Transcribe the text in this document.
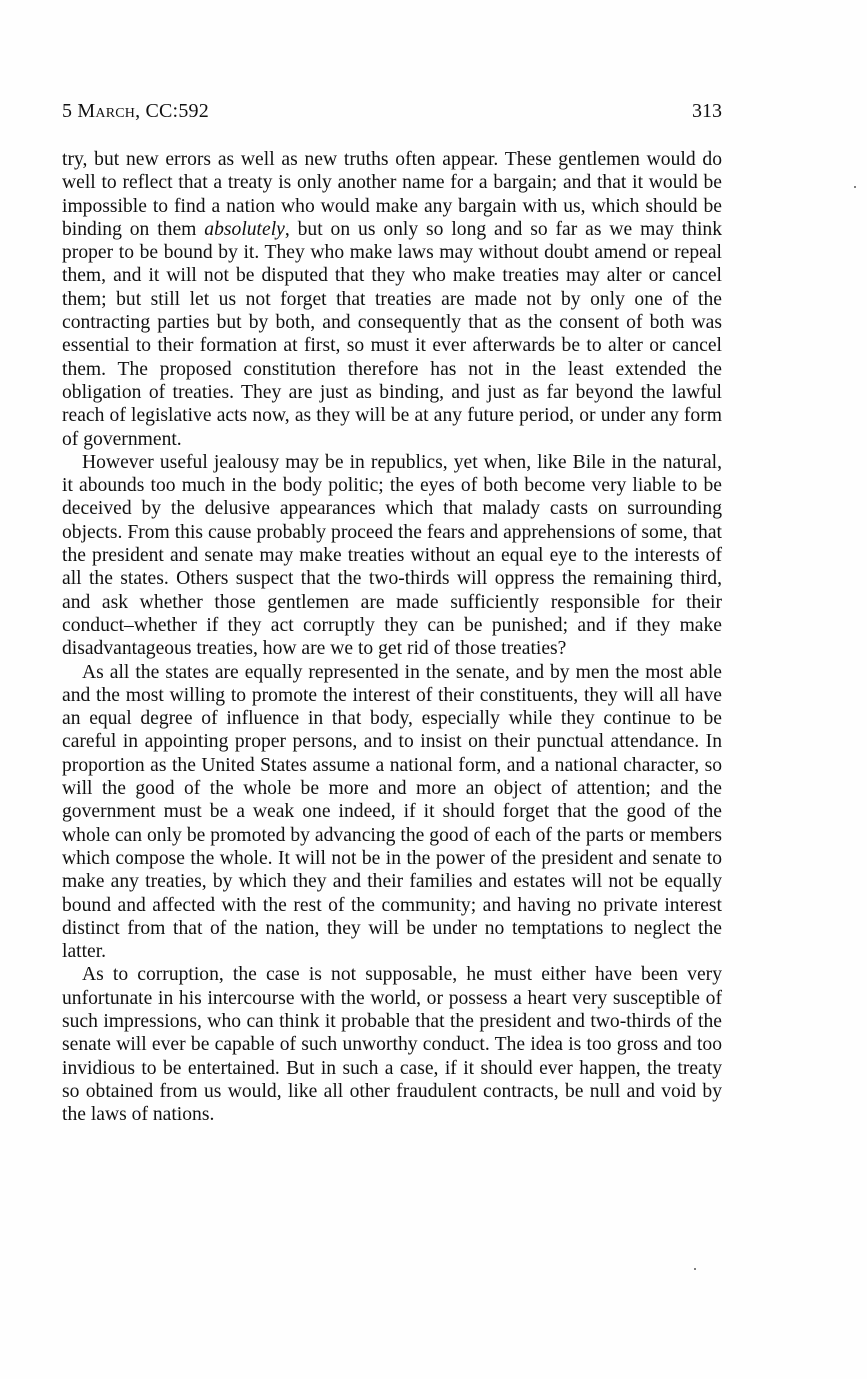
5 March, CC:592	313

try, but new errors as well as new truths often appear. These gentlemen would do well to reflect that a treaty is only another name for a bargain; and that it would be impossible to find a nation who would make any bargain with us, which should be binding on them absolutely, but on us only so long and so far as we may think proper to be bound by it. They who make laws may without doubt amend or repeal them, and it will not be disputed that they who make treaties may alter or cancel them; but still let us not forget that treaties are made not by only one of the contracting parties but by both, and consequently that as the consent of both was essential to their formation at first, so must it ever afterwards be to alter or cancel them. The proposed constitution therefore has not in the least extended the obligation of treaties. They are just as binding, and just as far beyond the lawful reach of legislative acts now, as they will be at any future period, or under any form of government.

However useful jealousy may be in republics, yet when, like Bile in the natural, it abounds too much in the body politic; the eyes of both become very liable to be deceived by the delusive appearances which that malady casts on surrounding objects. From this cause probably proceed the fears and apprehensions of some, that the president and senate may make treaties without an equal eye to the interests of all the states. Others suspect that the two-thirds will oppress the remaining third, and ask whether those gentlemen are made sufficiently responsible for their conduct–whether if they act corruptly they can be punished; and if they make disadvantageous treaties, how are we to get rid of those treaties?

As all the states are equally represented in the senate, and by men the most able and the most willing to promote the interest of their constituents, they will all have an equal degree of influence in that body, especially while they continue to be careful in appointing proper persons, and to insist on their punctual attendance. In proportion as the United States assume a national form, and a national character, so will the good of the whole be more and more an object of attention; and the government must be a weak one indeed, if it should forget that the good of the whole can only be promoted by advancing the good of each of the parts or members which compose the whole. It will not be in the power of the president and senate to make any treaties, by which they and their families and estates will not be equally bound and affected with the rest of the community; and having no private interest distinct from that of the nation, they will be under no temptations to neglect the latter.

As to corruption, the case is not supposable, he must either have been very unfortunate in his intercourse with the world, or possess a heart very susceptible of such impressions, who can think it probable that the president and two-thirds of the senate will ever be capable of such unworthy conduct. The idea is too gross and too invidious to be entertained. But in such a case, if it should ever happen, the treaty so obtained from us would, like all other fraudulent contracts, be null and void by the laws of nations.
